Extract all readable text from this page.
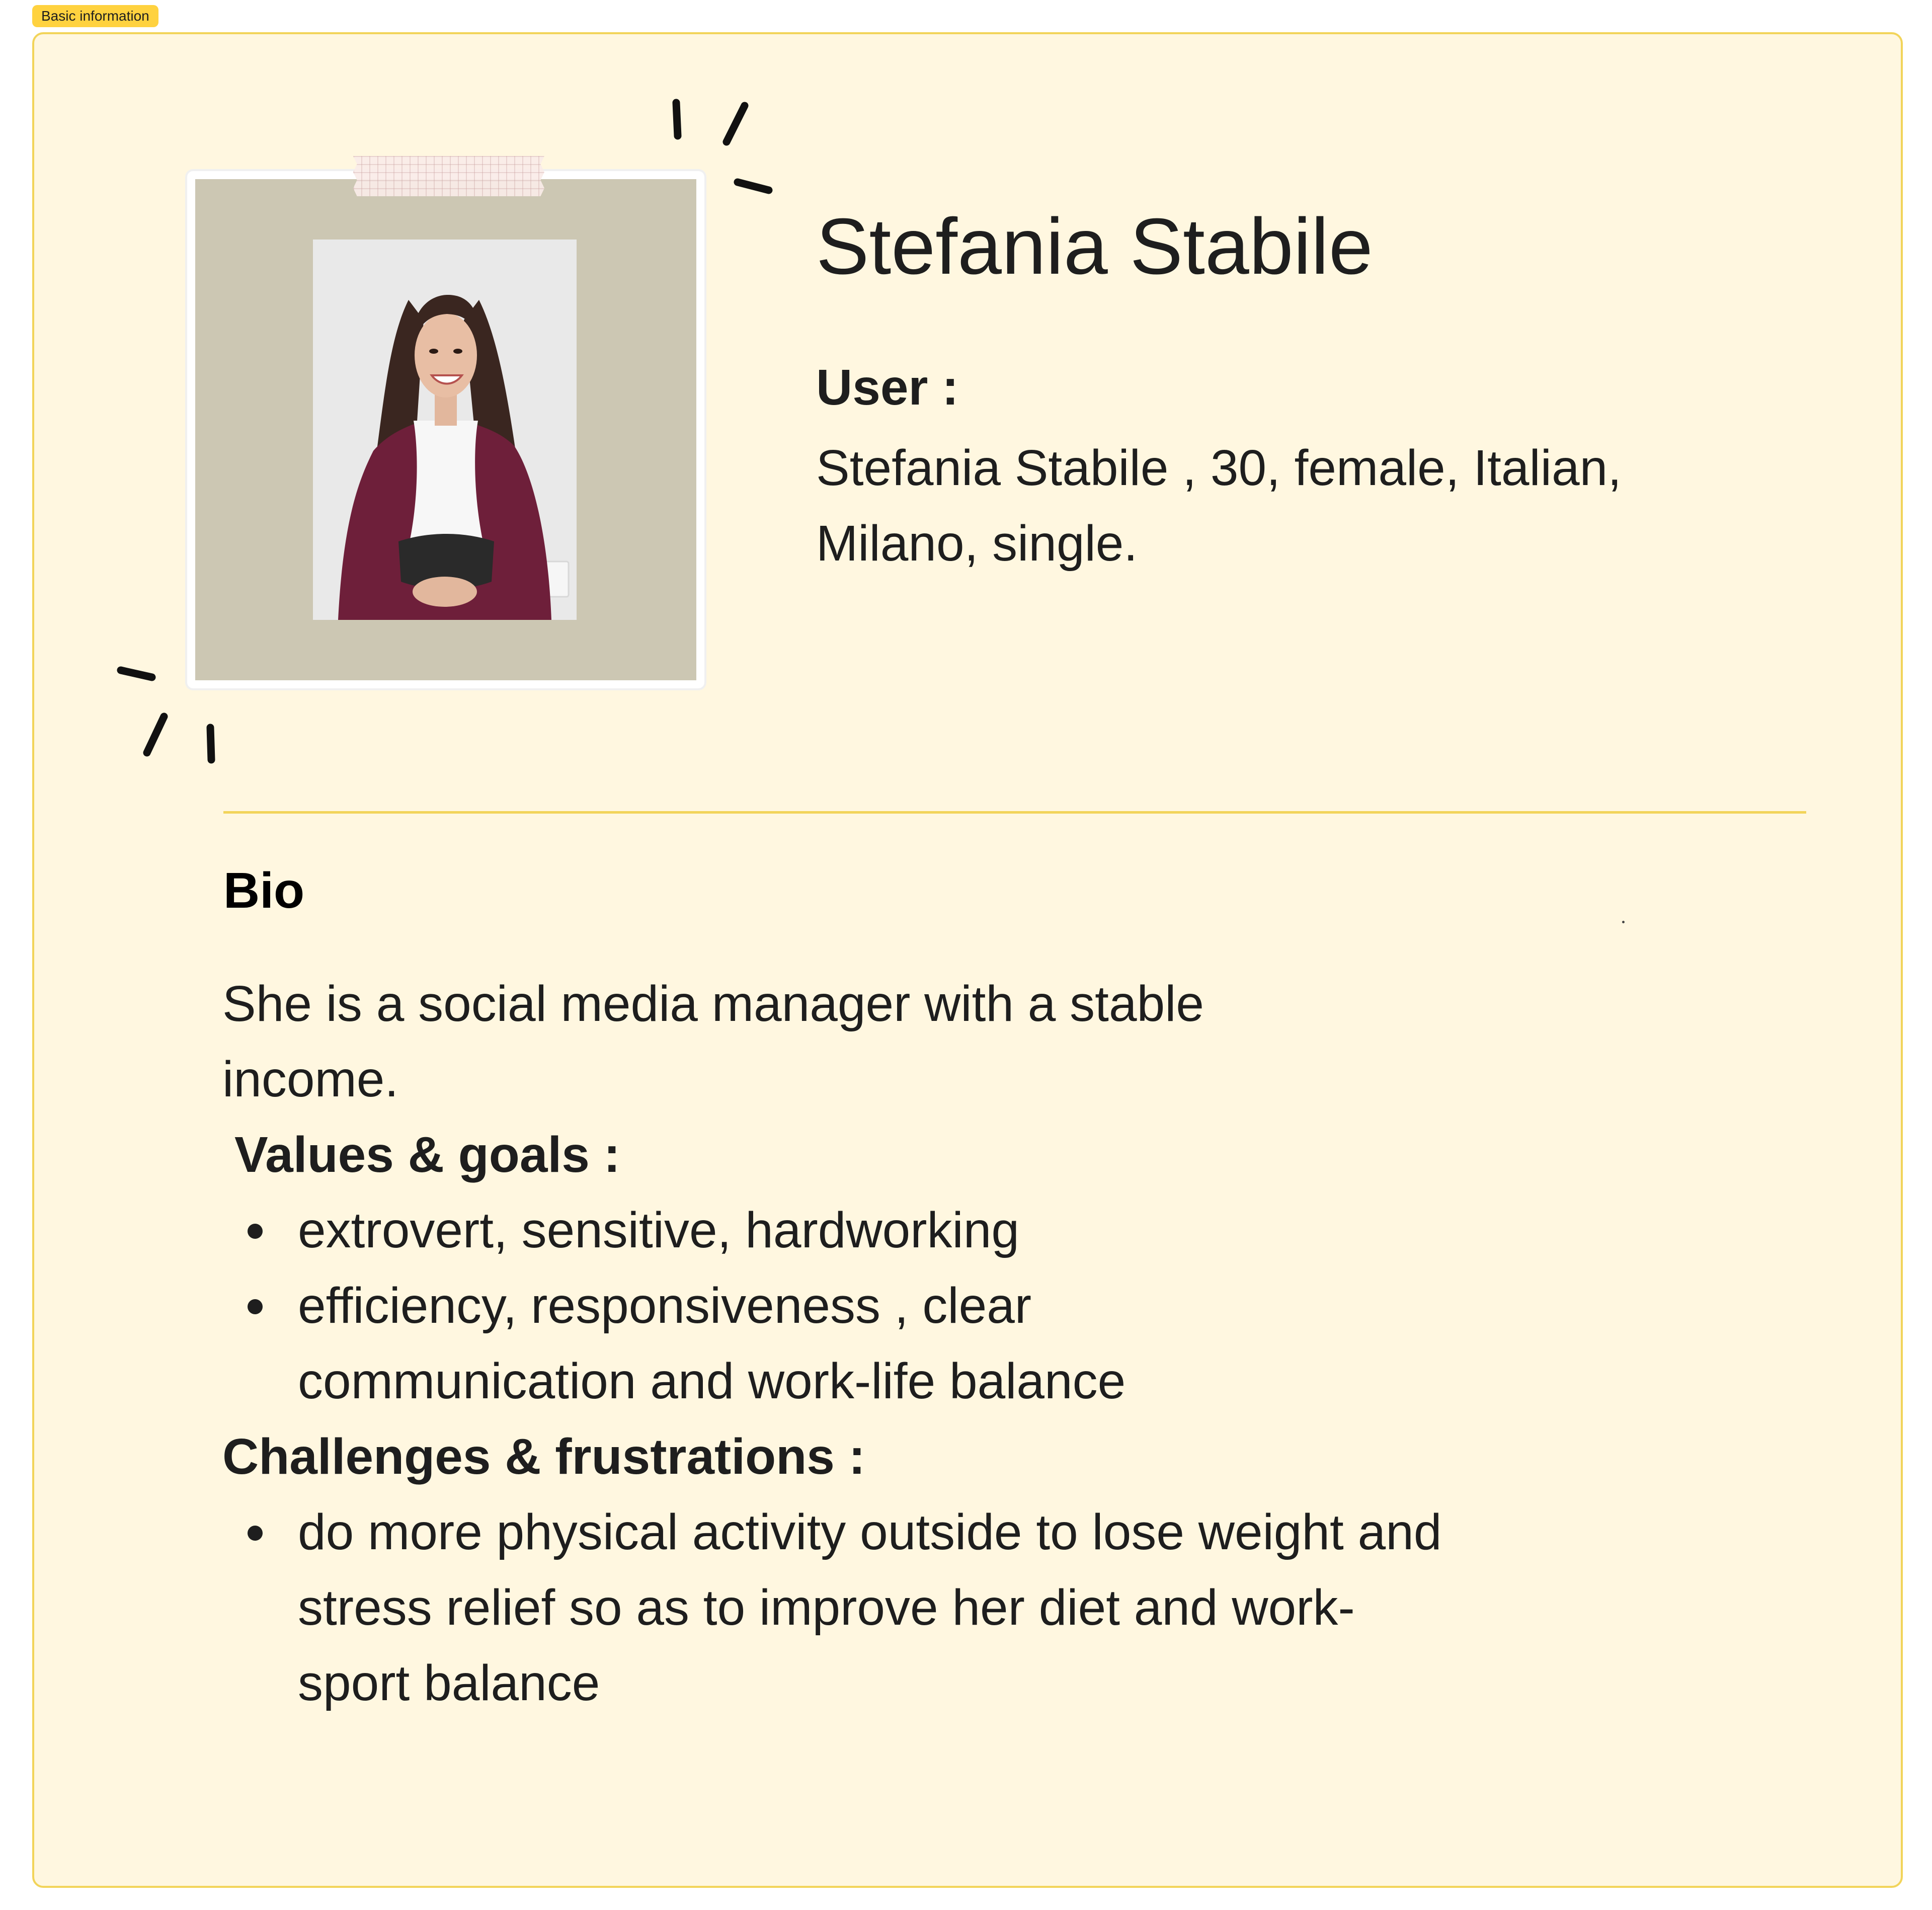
Basic information
Stefania Stabile
User :
Stefania Stabile , 30, female, Italian, Milano, single.
Bio

She is a social media manager with a stable income.

Values & goals :

extrovert, sensitive, hardworking
efficiency, responsiveness , clear communication and work-life balance

Challenges & frustrations :

do more physical activity outside to lose weight and stress relief so as to improve her diet and work-sport balance
